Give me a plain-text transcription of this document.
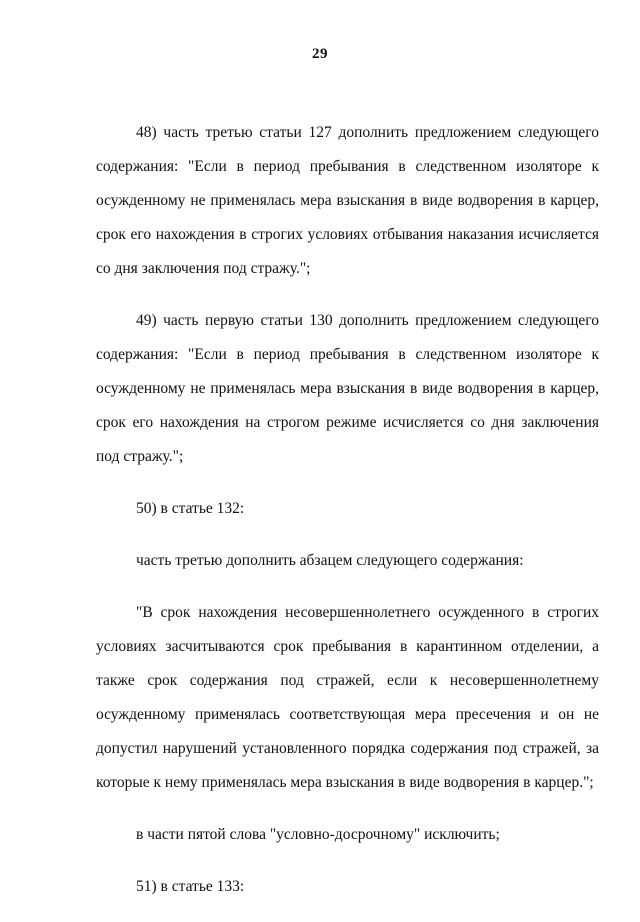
29

48) часть третью статьи 127 дополнить предложением следующего содержания: "Если в период пребывания в следственном изоляторе к осужденному не применялась мера взыскания в виде водворения в карцер, срок его нахождения в строгих условиях отбывания наказания исчисляется со дня заключения под стражу.";

49) часть первую статьи 130 дополнить предложением следующего содержания: "Если в период пребывания в следственном изоляторе к осужденному не применялась мера взыскания в виде водворения в карцер, срок его нахождения на строгом режиме исчисляется со дня заключения под стражу.";

50) в статье 132:

часть третью дополнить абзацем следующего содержания:

"В срок нахождения несовершеннолетнего осужденного в строгих условиях засчитываются срок пребывания в карантинном отделении, а также срок содержания под стражей, если к несовершеннолетнему осужденному применялась соответствующая мера пресечения и он не допустил нарушений установленного порядка содержания под стражей, за которые к нему применялась мера взыскания в виде водворения в карцер.";

в части пятой слова "условно-досрочному" исключить;

51) в статье 133:
